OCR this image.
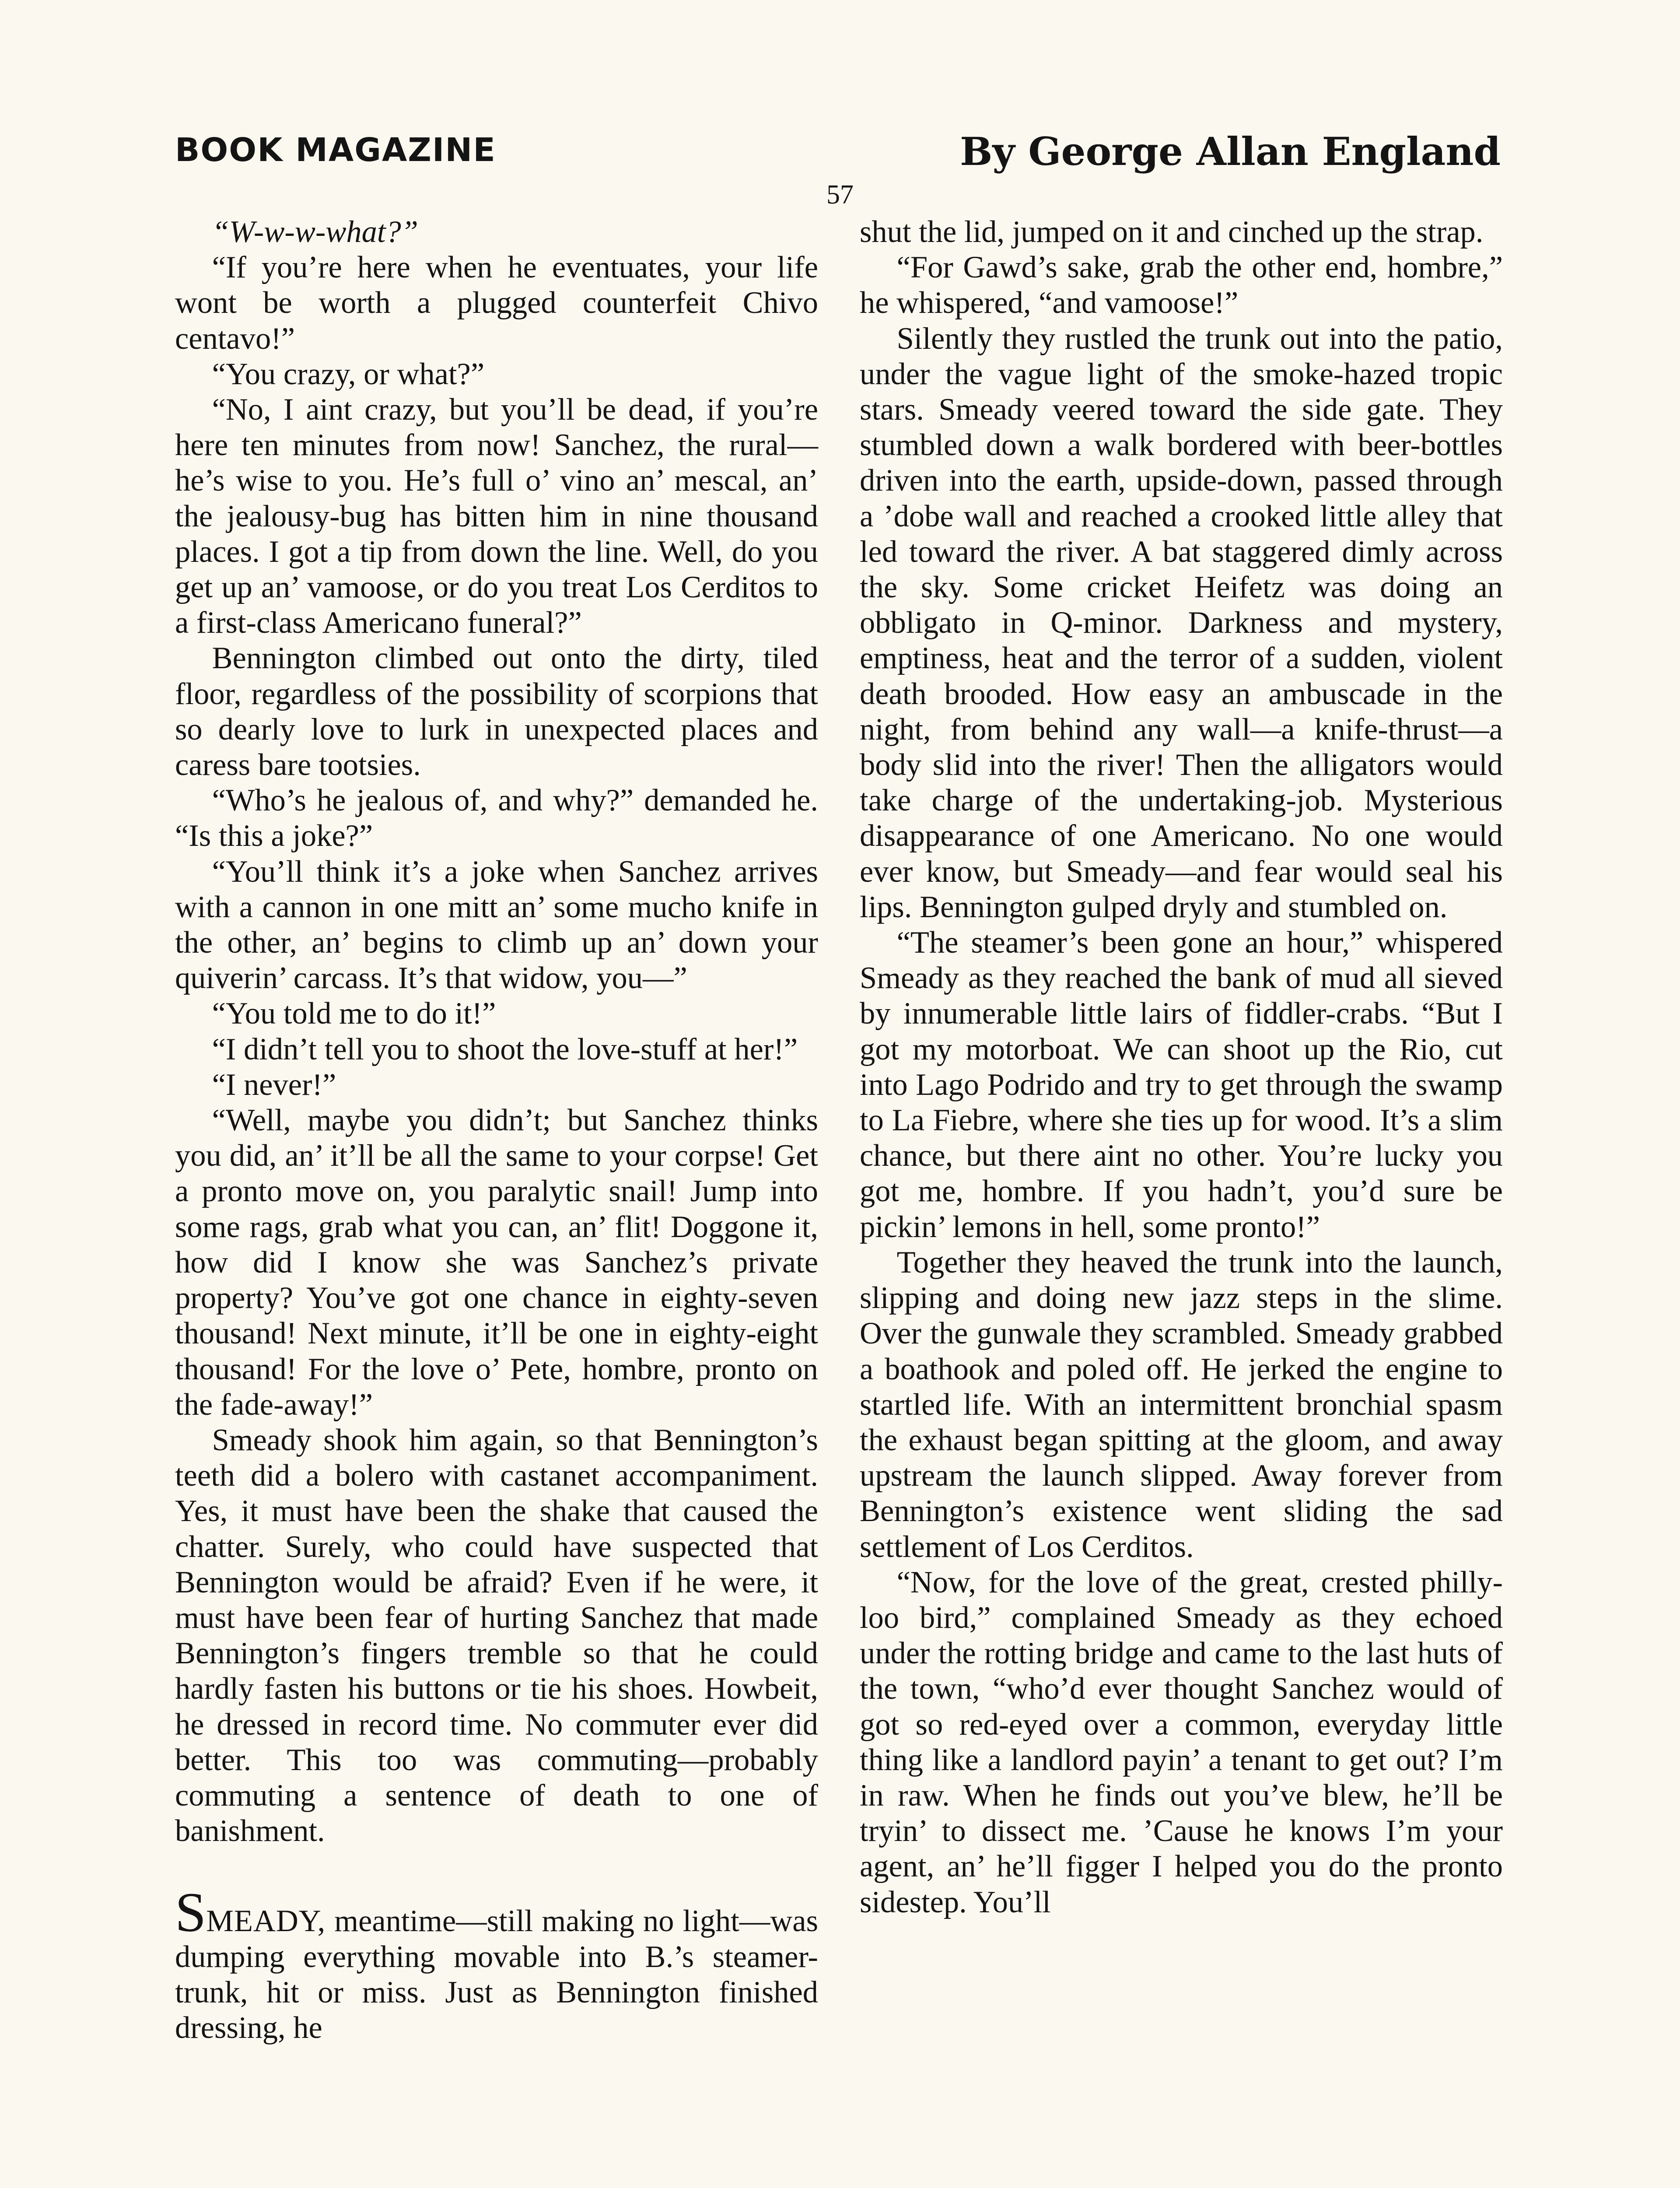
BOOK MAGAZINE	By George Allan England
57

“W-w-w-what?”

“If you’re here when he eventuates, your life wont be worth a plugged counterfeit Chivo centavo!”

“You crazy, or what?”

“No, I aint crazy, but you’ll be dead, if you’re here ten minutes from now! Sanchez, the rural—he’s wise to you. He’s full o’ vino an’ mescal, an’ the jealousy-bug has bitten him in nine thousand places. I got a tip from down the line. Well, do you get up an’ vamoose, or do you treat Los Cerditos to a first-class Americano funeral?”

Bennington climbed out onto the dirty, tiled floor, regardless of the possibility of scorpions that so dearly love to lurk in unexpected places and caress bare tootsies.

“Who’s he jealous of, and why?” demanded he. “Is this a joke?”

“You’ll think it’s a joke when Sanchez arrives with a cannon in one mitt an’ some mucho knife in the other, an’ begins to climb up an’ down your quiverin’ carcass. It’s that widow, you—”

“You told me to do it!”

“I didn’t tell you to shoot the love-stuff at her!”

“I never!”

“Well, maybe you didn’t; but Sanchez thinks you did, an’ it’ll be all the same to your corpse! Get a pronto move on, you paralytic snail! Jump into some rags, grab what you can, an’ flit! Doggone it, how did I know she was Sanchez’s private property? You’ve got one chance in eighty-seven thousand! Next minute, it’ll be one in eighty-eight thousand! For the love o’ Pete, hombre, pronto on the fade-away!”

Smeady shook him again, so that Bennington’s teeth did a bolero with castanet accompaniment. Yes, it must have been the shake that caused the chatter. Surely, who could have suspected that Bennington would be afraid? Even if he were, it must have been fear of hurting Sanchez that made Bennington’s fingers tremble so that he could hardly fasten his buttons or tie his shoes. Howbeit, he dressed in record time. No commuter ever did better. This too was commuting—probably commuting a sentence of death to one of banishment.

SMEADY, meantime—still making no light—was dumping everything movable into B.’s steamer-trunk, hit or miss. Just as Bennington finished dressing, he

shut the lid, jumped on it and cinched up the strap.

“For Gawd’s sake, grab the other end, hombre,” he whispered, “and vamoose!”

Silently they rustled the trunk out into the patio, under the vague light of the smoke-hazed tropic stars. Smeady veered toward the side gate. They stumbled down a walk bordered with beer-bottles driven into the earth, upside-down, passed through a ’dobe wall and reached a crooked little alley that led toward the river. A bat staggered dimly across the sky. Some cricket Heifetz was doing an obbligato in Q-minor. Darkness and mystery, emptiness, heat and the terror of a sudden, violent death brooded. How easy an ambuscade in the night, from behind any wall—a knife-thrust—a body slid into the river! Then the alligators would take charge of the undertaking-job. Mysterious disappearance of one Americano. No one would ever know, but Smeady—and fear would seal his lips. Bennington gulped dryly and stumbled on.

“The steamer’s been gone an hour,” whispered Smeady as they reached the bank of mud all sieved by innumerable little lairs of fiddler-crabs. “But I got my motorboat. We can shoot up the Rio, cut into Lago Podrido and try to get through the swamp to La Fiebre, where she ties up for wood. It’s a slim chance, but there aint no other. You’re lucky you got me, hombre. If you hadn’t, you’d sure be pickin’ lemons in hell, some pronto!”

Together they heaved the trunk into the launch, slipping and doing new jazz steps in the slime. Over the gunwale they scrambled. Smeady grabbed a boathook and poled off. He jerked the engine to startled life. With an intermittent bronchial spasm the exhaust began spitting at the gloom, and away upstream the launch slipped. Away forever from Bennington’s existence went sliding the sad settlement of Los Cerditos.

“Now, for the love of the great, crested philly-loo bird,” complained Smeady as they echoed under the rotting bridge and came to the last huts of the town, “who’d ever thought Sanchez would of got so red-eyed over a common, everyday little thing like a landlord payin’ a tenant to get out? I’m in raw. When he finds out you’ve blew, he’ll be tryin’ to dissect me. ’Cause he knows I’m your agent, an’ he’ll figger I helped you do the pronto sidestep. You’ll
